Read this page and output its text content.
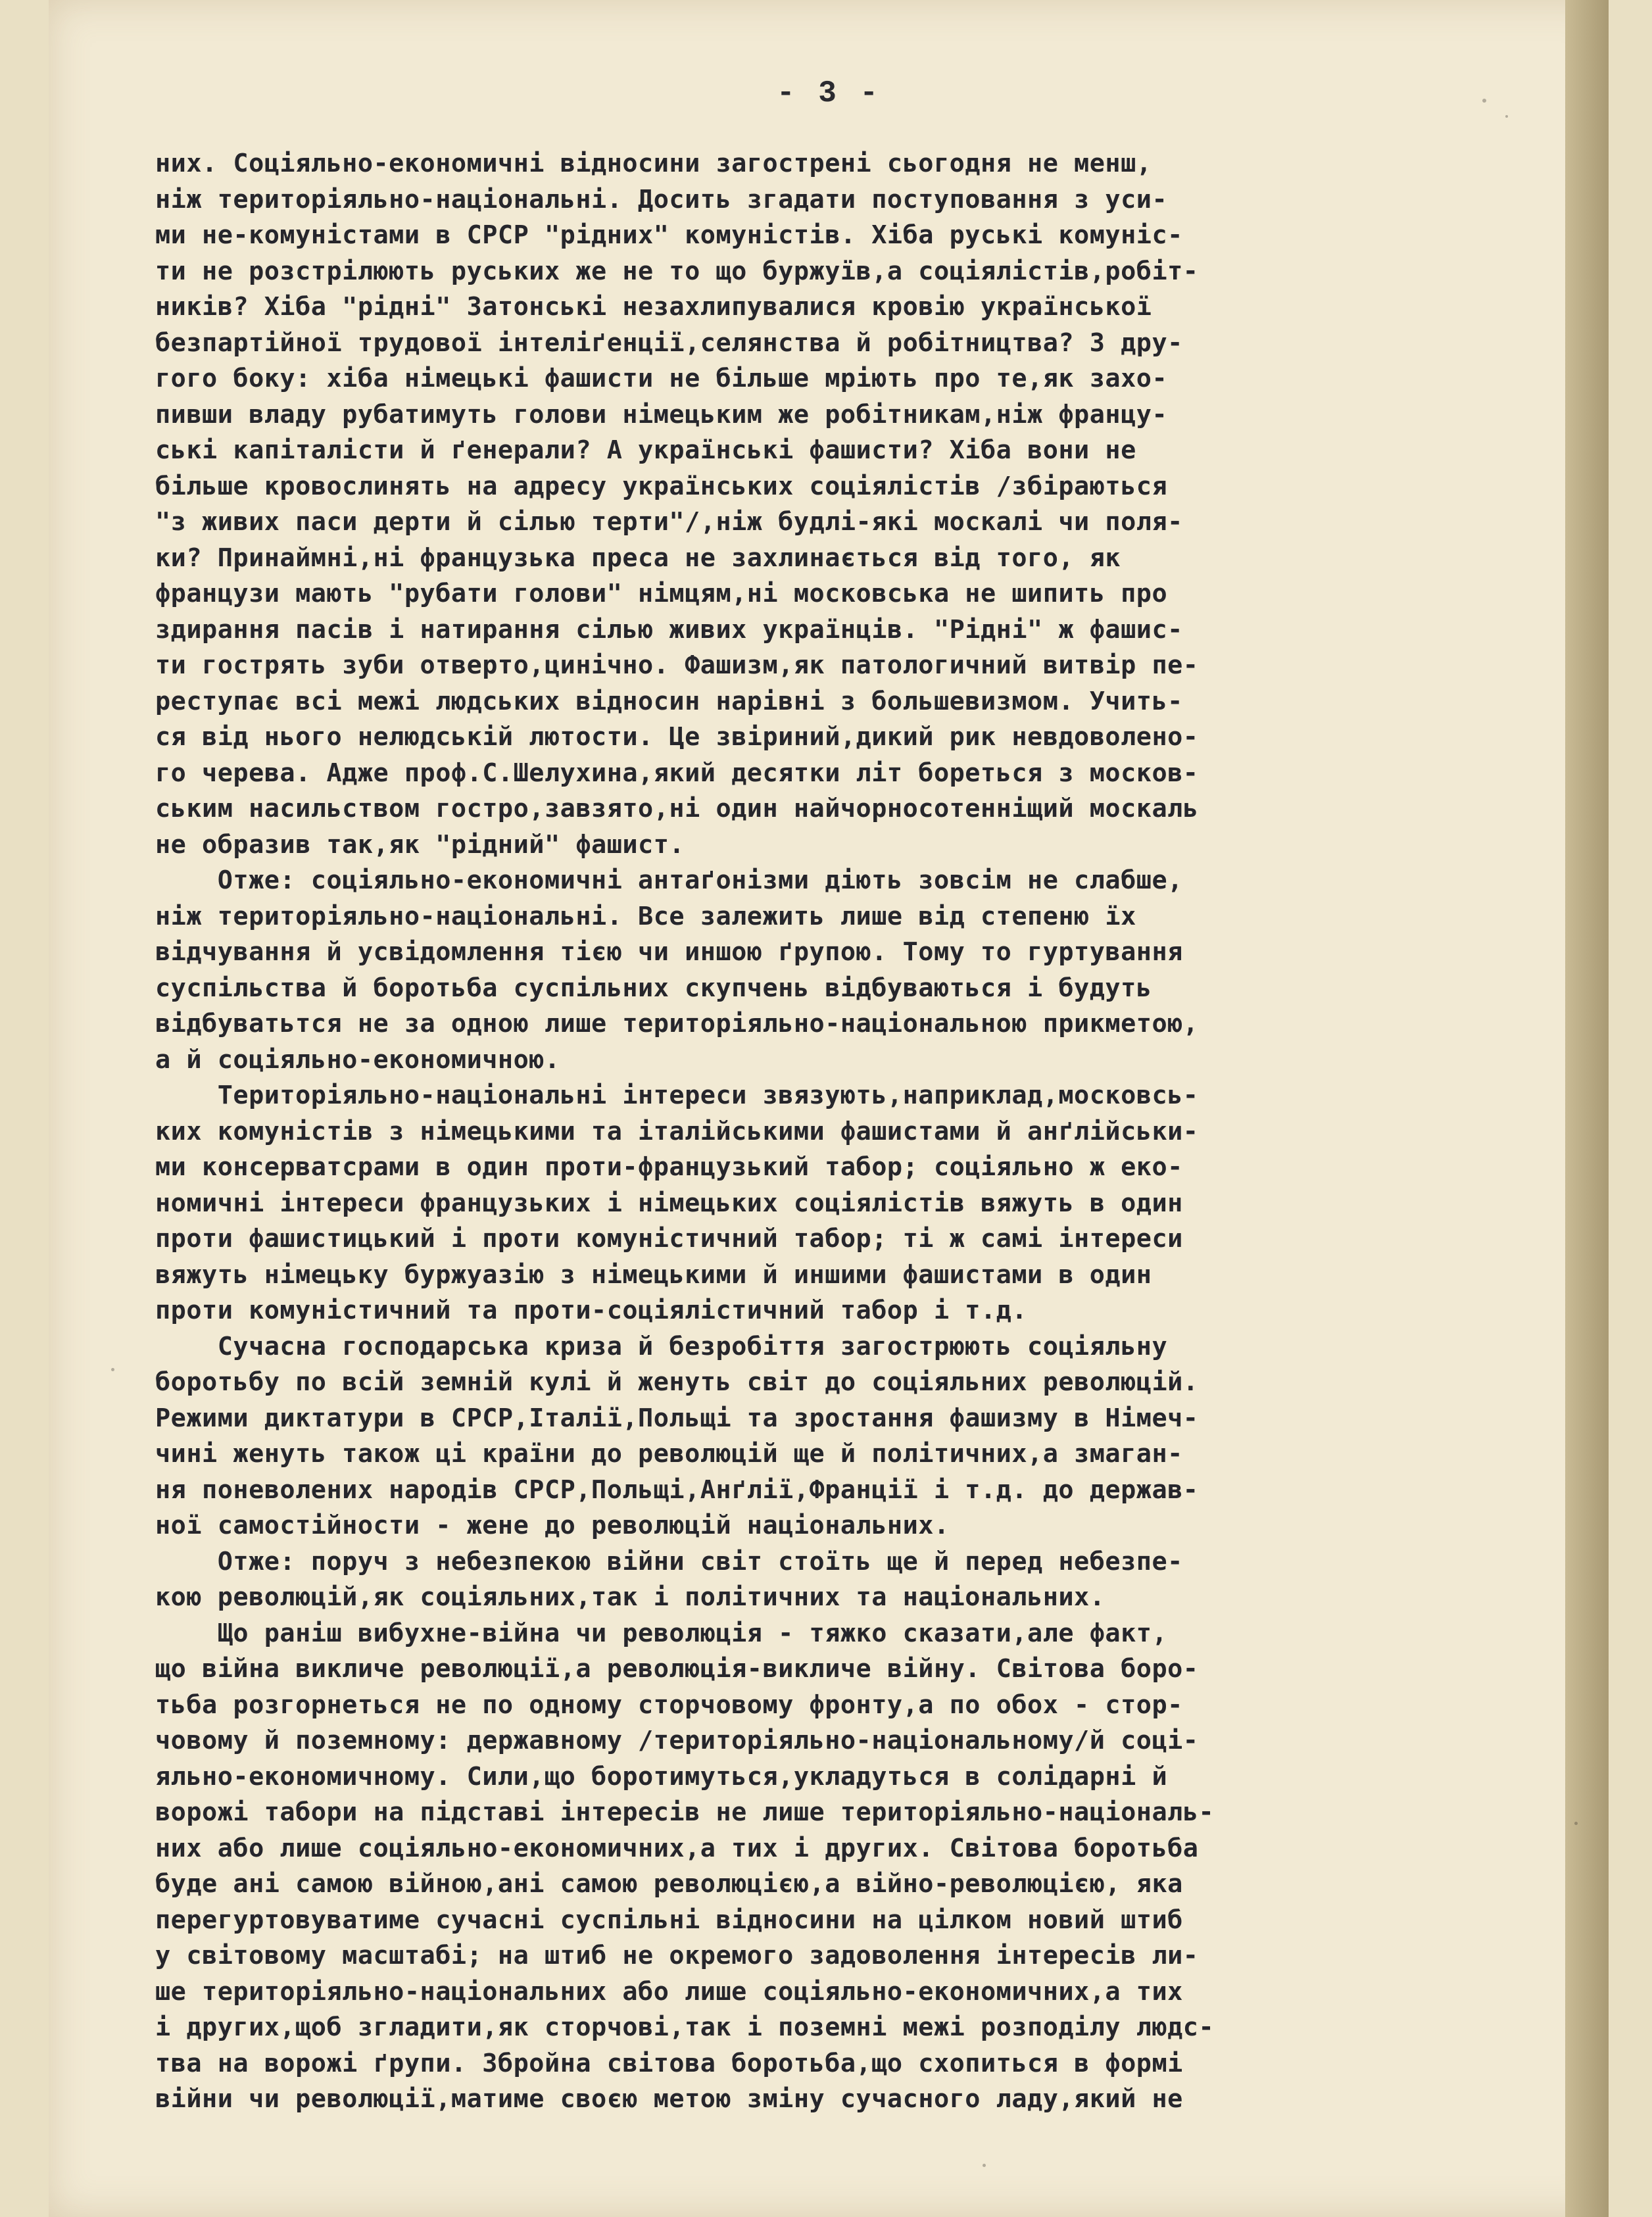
- 3 -
них. Соціяльно-економичні відносини загострені сьогодня не менш,
ніж територіяльно-національні. Досить згадати поступовання з уси-
ми не-комуністами в СРСР "рідних" комуністів. Хіба руські комуніс-
ти не розстрілюють руських же не то що буржуїв,а соціялістів,робіт-
ників? Хіба "рідні" Затонські незахлипувалися кровію української
безпартійної трудової інтеліґенції,селянства й робітництва? З дру-
гого боку: хіба німецькі фашисти не більше мріють про те,як захо-
пивши владу рубатимуть голови німецьким же робітникам,ніж францу-
ські капіталісти й ґенерали? А українські фашисти? Хіба вони не
більше кровослинять на адресу українських соціялістів /збіраються
"з живих паси дерти й сілью терти"/,ніж будлі-які москалі чи поля-
ки? Принаймні,ні французька преса не захлинається від того, як
французи мають "рубати голови" німцям,ні московська не шипить про
здирання пасів і натирання сілью живих українців. "Рідні" ж фашис-
ти гострять зуби отверто,цинічно. Фашизм,як патологичний витвір пе-
реступає всі межі людських відносин нарівні з большевизмом. Учить-
ся від нього нелюдській лютости. Це звіриний,дикий рик невдоволено-
го черева. Адже проф.С.Шелухина,який десятки літ бореться з москов-
ським насильством гостро,завзято,ні один найчорносотенніщий москаль
не образив так,як "рідний" фашист.
Отже: соціяльно-економичні антаґонізми діють зовсім не слабше,
ніж територіяльно-національні. Все залежить лише від степеню їх
відчування й усвідомлення тією чи иншою ґрупою. Тому то гуртування
суспільства й боротьба суспільних скупчень відбуваються і будуть
відбуватьтся не за одною лише територіяльно-національною прикметою,
а й соціяльно-економичною.
Територіяльно-національні інтереси звязують,наприклад,московсь-
ких комуністів з німецькими та італійськими фашистами й анґлійськи-
ми консерватсрами в один проти-французький табор; соціяльно ж еко-
номичні інтереси французьких і німецьких соціялістів вяжуть в один
проти фашистицький і проти комуністичний табор; ті ж самі інтереси
вяжуть німецьку буржуазію з німецькими й иншими фашистами в один
проти комуністичний та проти-соціялістичний табор і т.д.
Сучасна господарська криза й безробіття загострюють соціяльну
боротьбу по всій земній кулі й женуть світ до соціяльних революцій.
Режими диктатури в СРСР,Італії,Польщі та зростання фашизму в Німеч-
чині женуть також ці країни до революцій ще й політичних,а змаган-
ня поневолених народів СРСР,Польщі,Анґлії,Франції і т.д. до держав-
ної самостійности - жене до революцій національних.
Отже: поруч з небезпекою війни світ стоїть ще й перед небезпе-
кою революцій,як соціяльних,так і політичних та національних.
Що раніш вибухне-війна чи революція - тяжко сказати,але факт,
що війна викличе революції,а революція-викличе війну. Світова боро-
тьба розгорнеться не по одному сторчовому фронту,а по обох - стор-
човому й поземному: державному /територіяльно-національному/й соці-
яльно-економичному. Сили,що боротимуться,укладуться в солідарні й
ворожі табори на підставі інтересів не лише територіяльно-національ-
них або лише соціяльно-економичних,а тих і других. Світова боротьба
буде ані самою війною,ані самою революцією,а війно-революцією, яка
перегуртовуватиме сучасні суспільні відносини на цілком новий штиб
у світовому масштабі; на штиб не окремого задоволення інтересів ли-
ше територіяльно-національних або лише соціяльно-економичних,а тих
і других,щоб згладити,як сторчові,так і поземні межі розподілу людс-
тва на ворожі ґрупи. Збройна світова боротьба,що схопиться в формі
війни чи революції,матиме своєю метою зміну сучасного ладу,який не
